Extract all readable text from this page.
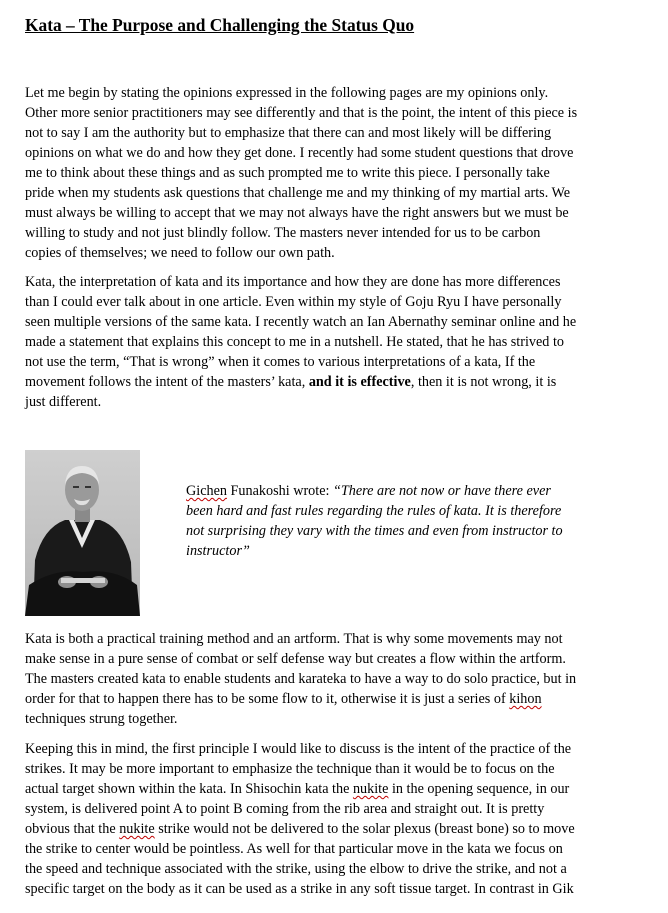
Kata – The Purpose and Challenging the Status Quo

Let me begin by stating the opinions expressed in the following pages are my opinions only.
Other more senior practitioners may see differently and that is the point, the intent of this piece is
not to say I am the authority but to emphasize that there can and most likely will be differing
opinions on what we do and how they get done. I recently had some student questions that drove
me to think about these things and as such prompted me to write this piece. I personally take
pride when my students ask questions that challenge me and my thinking of my martial arts. We
must always be willing to accept that we may not always have the right answers but we must be
willing to study and not just blindly follow. The masters never intended for us to be carbon
copies of themselves; we need to follow our own path.

Kata, the interpretation of kata and its importance and how they are done has more differences
than I could ever talk about in one article. Even within my style of Goju Ryu I have personally
seen multiple versions of the same kata. I recently watch an Ian Abernathy seminar online and he
made a statement that explains this concept to me in a nutshell. He stated, that he has strived to
not use the term, “That is wrong” when it comes to various interpretations of a kata, If the
movement follows the intent of the masters’ kata, and it is effective, then it is not wrong, it is
just different.

Gichen Funakoshi wrote: “There are not now or have there ever
been hard and fast rules regarding the rules of kata. It is therefore
not surprising they vary with the times and even from instructor to
instructor”

Kata is both a practical training method and an artform. That is why some movements may not
make sense in a pure sense of combat or self defense way but creates a flow within the artform.
The masters created kata to enable students and karateka to have a way to do solo practice, but in
order for that to happen there has to be some flow to it, otherwise it is just a series of kihon
techniques strung together.

Keeping this in mind, the first principle I would like to discuss is the intent of the practice of the
strikes. It may be more important to emphasize the technique than it would be to focus on the
actual target shown within the kata. In Shisochin kata the nukite in the opening sequence, in our
system, is delivered point A to point B coming from the rib area and straight out. It is pretty
obvious that the nukite strike would not be delivered to the solar plexus (breast bone) so to move
the strike to center would be pointless. As well for that particular move in the kata we focus on
the speed and technique associated with the strike, using the elbow to drive the strike, and not a
specific target on the body as it can be used as a strike in any soft tissue target. In contrast in Gik
